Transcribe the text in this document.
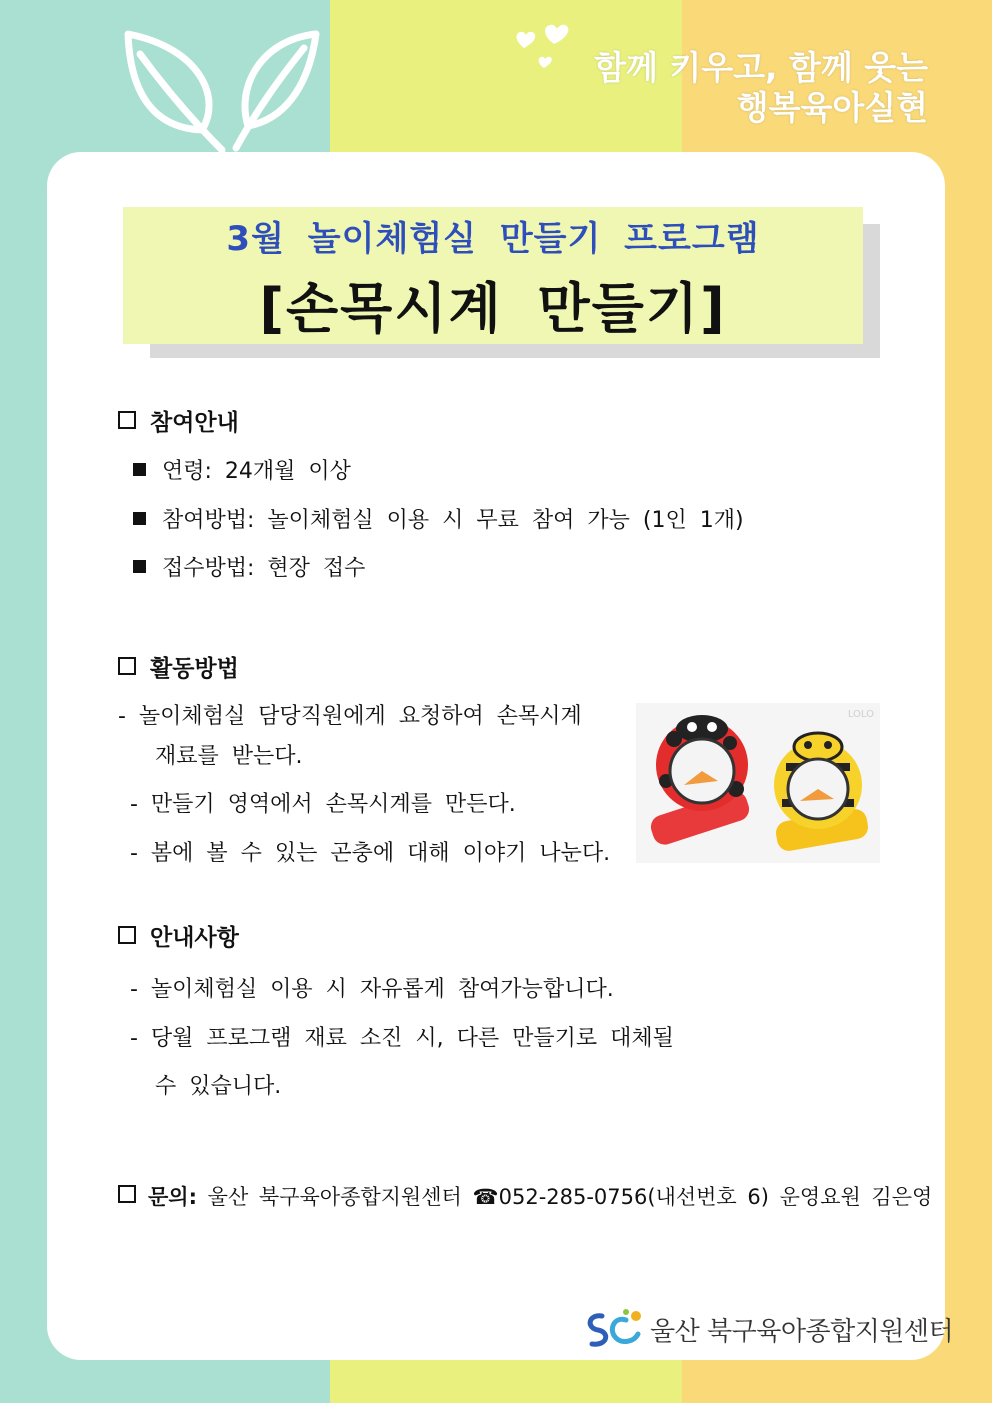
함께 키우고, 함께 웃는
행복육아실현
3월 놀이체험실 만들기 프로그램
[손목시계 만들기]
참여안내
연령: 24개월 이상
참여방법: 놀이체험실 이용 시 무료 참여 가능 (1인 1개)
접수방법: 현장 접수
활동방법
- 놀이체험실 담당직원에게 요청하여 손목시계
재료를 받는다.
- 만들기 영역에서 손목시계를 만든다.
- 봄에 볼 수 있는 곤충에 대해 이야기 나눈다.
LOLO
안내사항
- 놀이체험실 이용 시 자유롭게 참여가능합니다.
- 당월 프로그램 재료 소진 시, 다른 만들기로 대체될
수 있습니다.
문의: 울산 북구육아종합지원센터 ☎052-285-0756(내선번호 6) 운영요원 김은영
울산 북구육아종합지원센터
